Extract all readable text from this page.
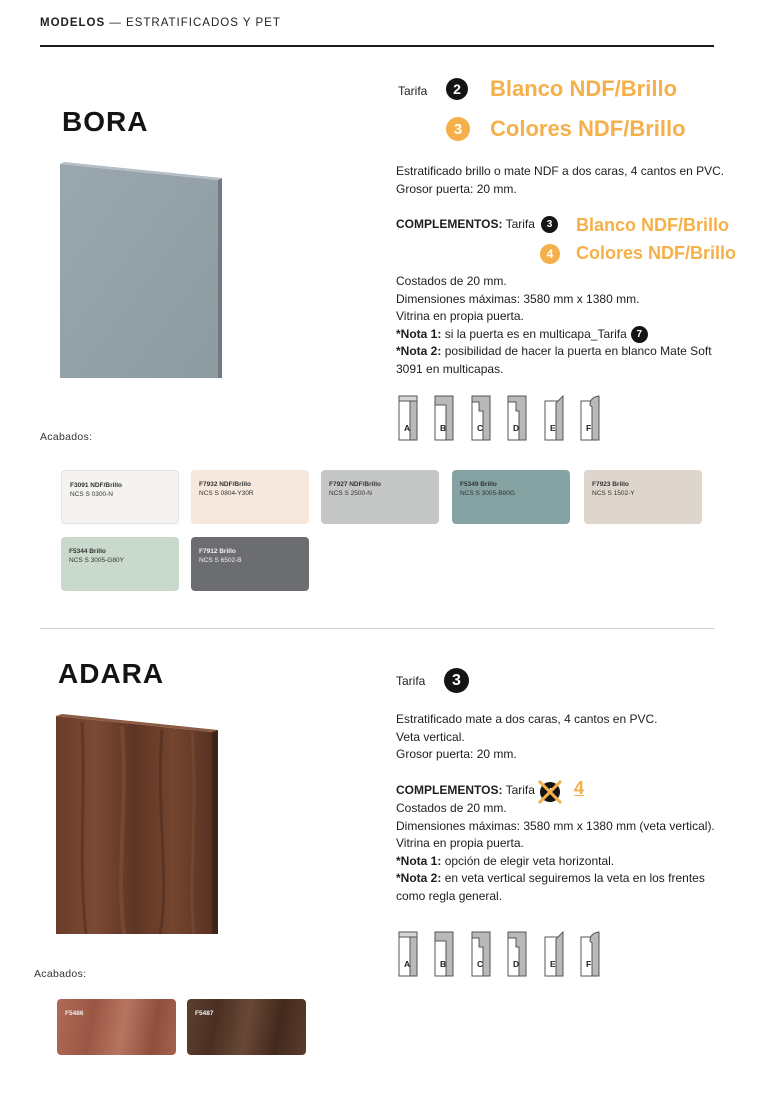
MODELOS — ESTRATIFICADOS Y PET
BORA
Tarifa	2	Blanco NDF/Brillo
3	Colores NDF/Brillo
Estratificado brillo o mate NDF a dos caras, 4 cantos en PVC.
Grosor puerta: 20 mm.
COMPLEMENTOS: Tarifa	3	Blanco NDF/Brillo
4	Colores NDF/Brillo
Costados de 20 mm.
Dimensiones máximas: 3580 mm x 1380 mm.
Vitrina en propia puerta.
*Nota 1:
si la puerta es en multicapa_Tarifa 7
*Nota 2: posibilidad de hacer la puerta en blanco Mate Soft
3091 en multicapas.
A	B	C	D	E	F
Acabados:
F3091 NDF/Brillo
NCS S 0300-N
F7932 NDF/Brillo
NCS S 0804-Y30R
F7927 NDF/Brillo
NCS S 2500-N
F5349 Brillo
NCS S 3005-B80G
F7923 Brillo
NCS S 1502-Y
F5344 Brillo
NCS S 3005-G80Y
F7912 Brillo
NCS S 6502-B
ADARA	Tarifa	3
Estratificado mate a dos caras, 4 cantos en PVC.
Veta vertical.
Grosor puerta: 20 mm.
COMPLEMENTOS: Tarifa 4
Costados de 20 mm.
Dimensiones máximas: 3580 mm x 1380 mm (veta vertical).
Vitrina en propia puerta.
*Nota 1: opción de elegir veta horizontal.
*Nota 2: en veta vertical seguiremos la veta en los frentes
como regla general.
A	B	C	D	E	F
Acabados:
F5486	F5487
